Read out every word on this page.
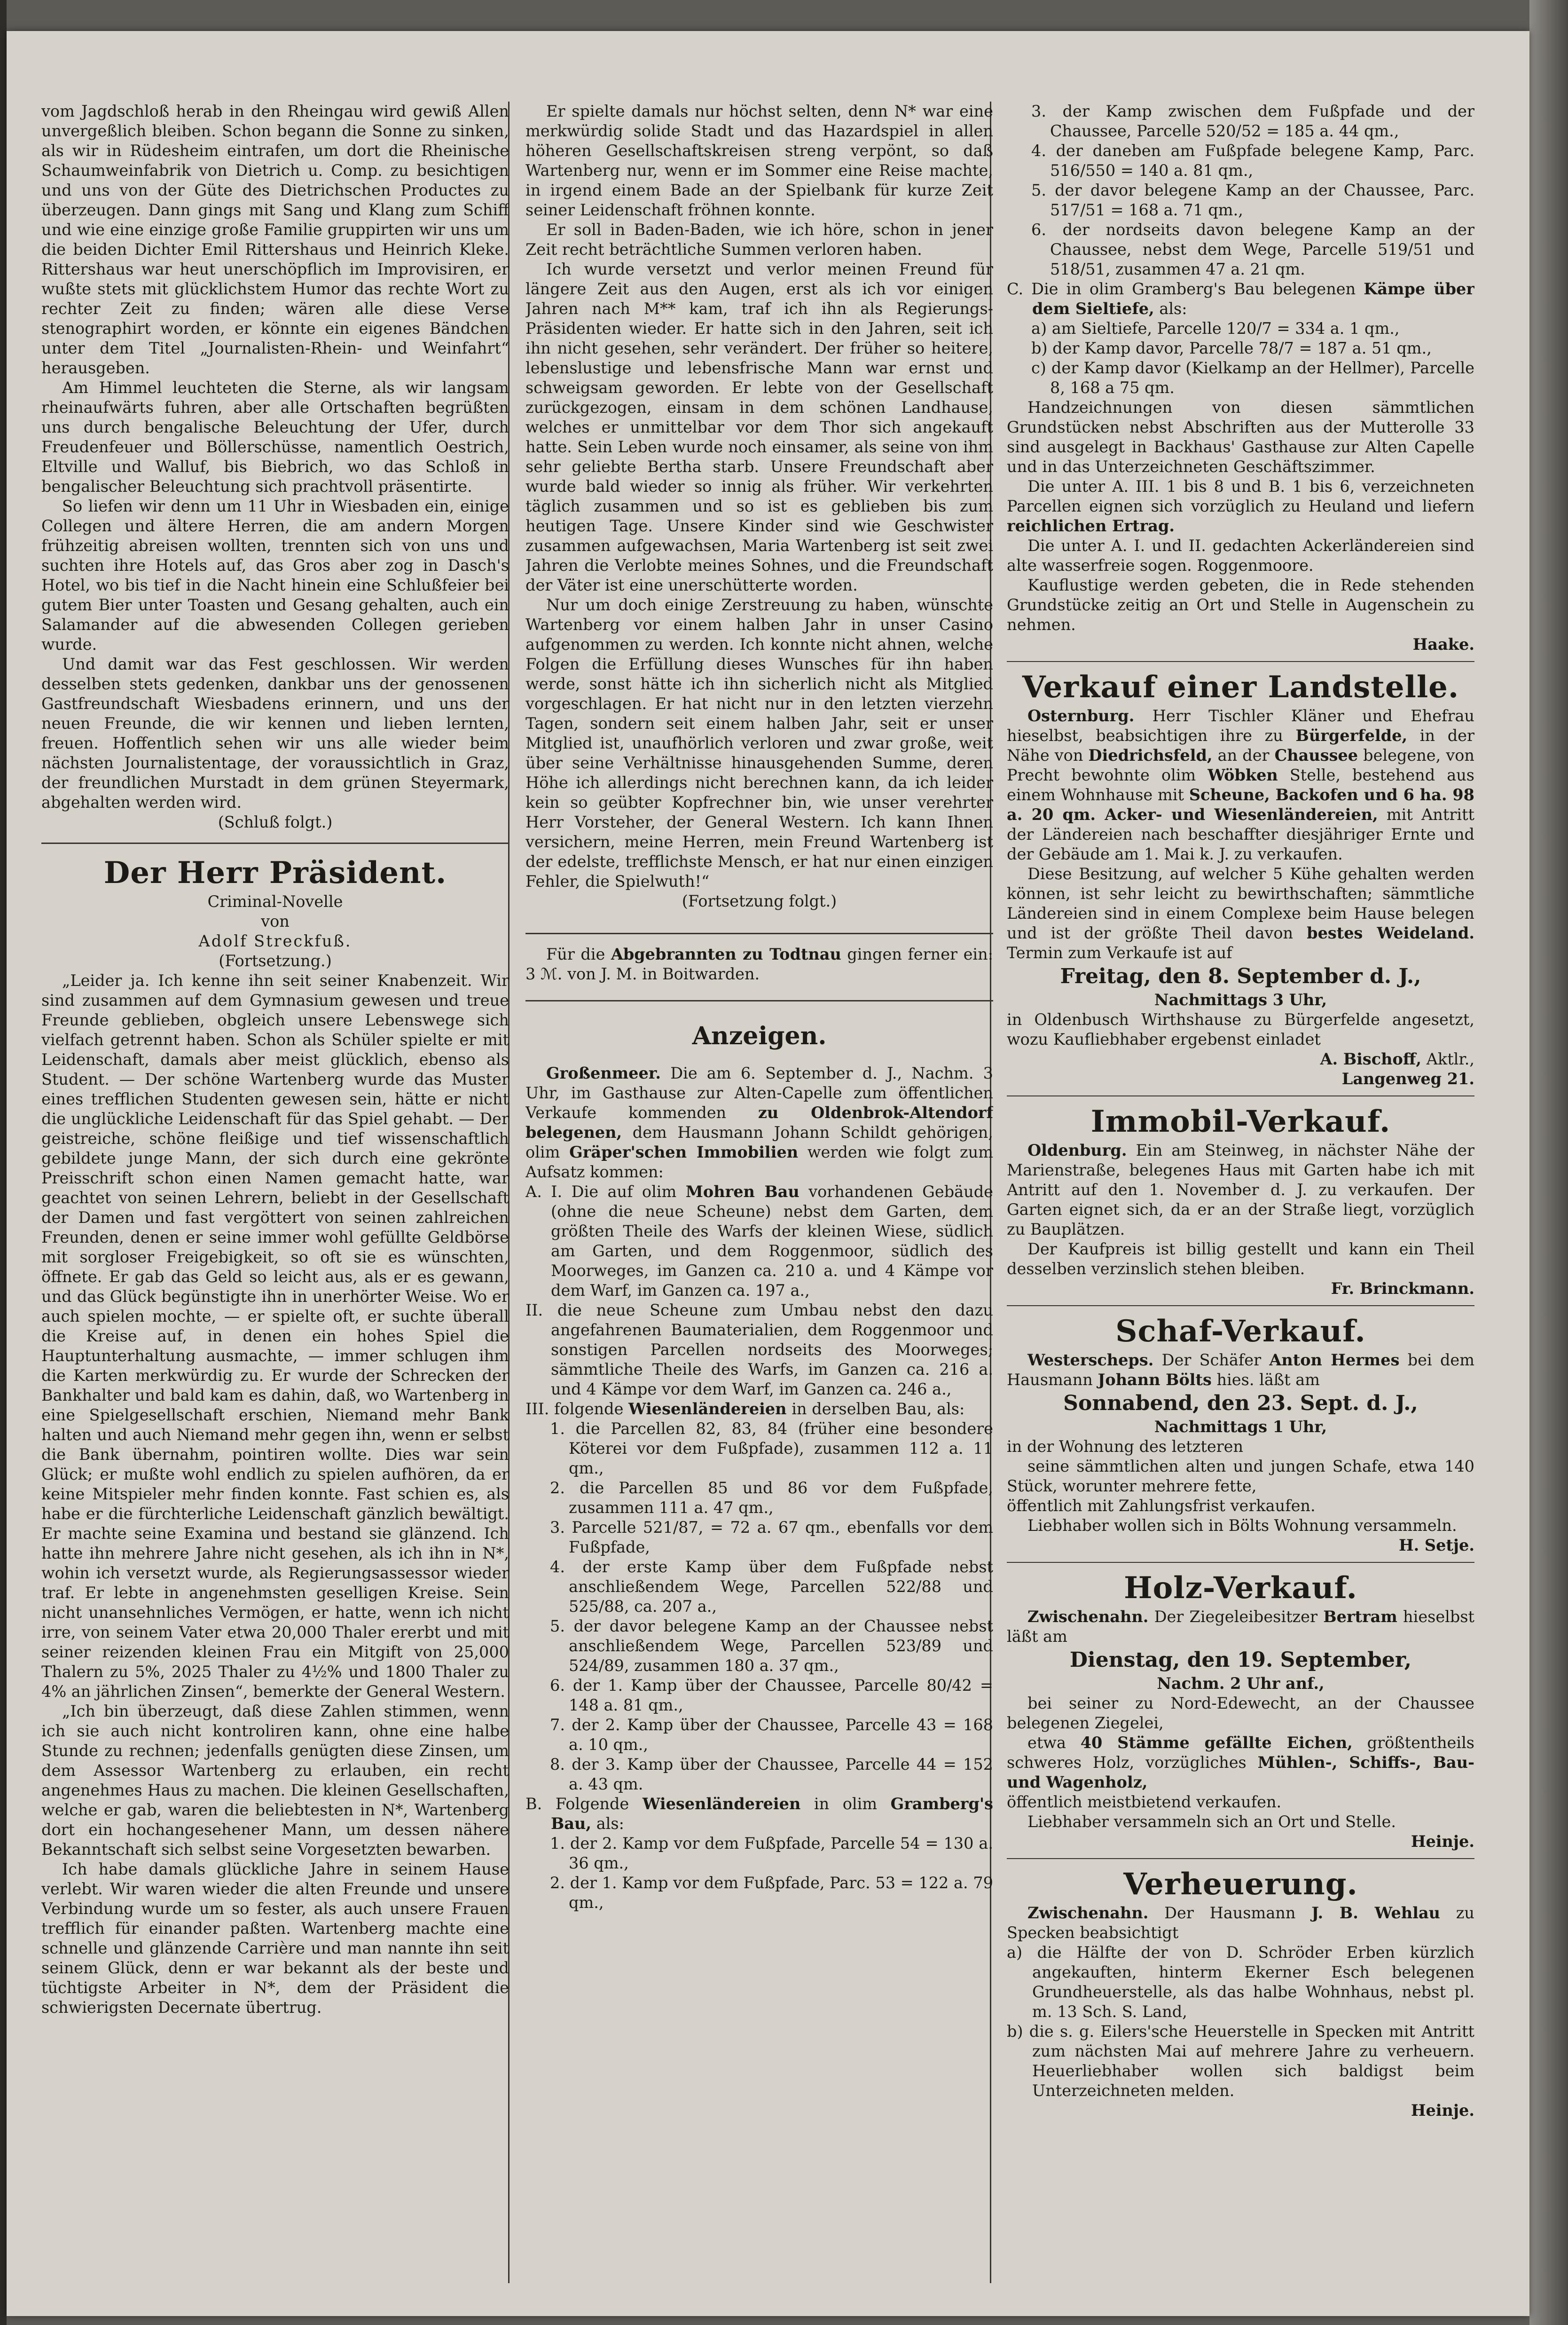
vom Jagdschloß herab in den Rheingau wird gewiß Allen unvergeßlich bleiben. Schon begann die Sonne zu sinken, als wir in Rüdesheim eintrafen, um dort die Rheinische Schaumweinfabrik von Dietrich u. Comp. zu besichtigen und uns von der Güte des Dietrichschen Productes zu überzeugen. Dann gings mit Sang und Klang zum Schiff und wie eine einzige große Familie gruppirten wir uns um die beiden Dichter Emil Rittershaus und Heinrich Kleke. Rittershaus war heut unerschöpflich im Improvisiren, er wußte stets mit glücklichstem Humor das rechte Wort zu rechter Zeit zu finden; wären alle diese Verse stenographirt worden, er könnte ein eigenes Bändchen unter dem Titel „Journalisten-Rhein- und Weinfahrt“ herausgeben.

Am Himmel leuchteten die Sterne, als wir langsam rheinaufwärts fuhren, aber alle Ortschaften begrüßten uns durch bengalische Beleuchtung der Ufer, durch Freudenfeuer und Böllerschüsse, namentlich Oestrich, Eltville und Walluf, bis Biebrich, wo das Schloß in bengalischer Beleuchtung sich prachtvoll präsentirte.

So liefen wir denn um 11 Uhr in Wiesbaden ein, einige Collegen und ältere Herren, die am andern Morgen frühzeitig abreisen wollten, trennten sich von uns und suchten ihre Hotels auf, das Gros aber zog in Dasch's Hotel, wo bis tief in die Nacht hinein eine Schlußfeier bei gutem Bier unter Toasten und Gesang gehalten, auch ein Salamander auf die abwesenden Collegen gerieben wurde.

Und damit war das Fest geschlossen. Wir werden desselben stets gedenken, dankbar uns der genossenen Gastfreundschaft Wiesbadens erinnern, und uns der neuen Freunde, die wir kennen und lieben lernten, freuen. Hoffentlich sehen wir uns alle wieder beim nächsten Journalistentage, der voraussichtlich in Graz, der freundlichen Murstadt in dem grünen Steyermark, abgehalten werden wird.

(Schluß folgt.)

Der Herr Präsident.

Criminal-Novelle

von

Adolf Streckfuß.

(Fortsetzung.)

„Leider ja. Ich kenne ihn seit seiner Knabenzeit. Wir sind zusammen auf dem Gymnasium gewesen und treue Freunde geblieben, obgleich unsere Lebenswege sich vielfach getrennt haben. Schon als Schüler spielte er mit Leidenschaft, damals aber meist glücklich, ebenso als Student. — Der schöne Wartenberg wurde das Muster eines trefflichen Studenten gewesen sein, hätte er nicht die unglückliche Leidenschaft für das Spiel gehabt. — Der geistreiche, schöne fleißige und tief wissenschaftlich gebildete junge Mann, der sich durch eine gekrönte Preisschrift schon einen Namen gemacht hatte, war geachtet von seinen Lehrern, beliebt in der Gesellschaft der Damen und fast vergöttert von seinen zahlreichen Freunden, denen er seine immer wohl gefüllte Geldbörse mit sorgloser Freigebigkeit, so oft sie es wünschten, öffnete. Er gab das Geld so leicht aus, als er es gewann, und das Glück begünstigte ihn in unerhörter Weise. Wo er auch spielen mochte, — er spielte oft, er suchte überall die Kreise auf, in denen ein hohes Spiel die Hauptunterhaltung ausmachte, — immer schlugen ihm die Karten merkwürdig zu. Er wurde der Schrecken der Bankhalter und bald kam es dahin, daß, wo Wartenberg in eine Spielgesellschaft erschien, Niemand mehr Bank halten und auch Niemand mehr gegen ihn, wenn er selbst die Bank übernahm, pointiren wollte. Dies war sein Glück; er mußte wohl endlich zu spielen aufhören, da er keine Mitspieler mehr finden konnte. Fast schien es, als habe er die fürchterliche Leidenschaft gänzlich bewältigt. Er machte seine Examina und bestand sie glänzend. Ich hatte ihn mehrere Jahre nicht gesehen, als ich ihn in N*, wohin ich versetzt wurde, als Regierungsassessor wieder traf. Er lebte in angenehmsten geselligen Kreise. Sein nicht unansehnliches Vermögen, er hatte, wenn ich nicht irre, von seinem Vater etwa 20,000 Thaler ererbt und mit seiner reizenden kleinen Frau ein Mitgift von 25,000 Thalern zu 5%, 2025 Thaler zu 4½% und 1800 Thaler zu 4% an jährlichen Zinsen“, bemerkte der General Western.

„Ich bin überzeugt, daß diese Zahlen stimmen, wenn ich sie auch nicht kontroliren kann, ohne eine halbe Stunde zu rechnen; jedenfalls genügten diese Zinsen, um dem Assessor Wartenberg zu erlauben, ein recht angenehmes Haus zu machen. Die kleinen Gesellschaften, welche er gab, waren die beliebtesten in N*, Wartenberg dort ein hochangesehener Mann, um dessen nähere Bekanntschaft sich selbst seine Vorgesetzten bewarben.

Ich habe damals glückliche Jahre in seinem Hause verlebt. Wir waren wieder die alten Freunde und unsere Verbindung wurde um so fester, als auch unsere Frauen trefflich für einander paßten. Wartenberg machte eine schnelle und glänzende Carrière und man nannte ihn seit seinem Glück, denn er war bekannt als der beste und tüchtigste Arbeiter in N*, dem der Präsident die schwierigsten Decernate übertrug.

Er spielte damals nur höchst selten, denn N* war eine merkwürdig solide Stadt und das Hazardspiel in allen höheren Gesellschaftskreisen streng verpönt, so daß Wartenberg nur, wenn er im Sommer eine Reise machte, in irgend einem Bade an der Spielbank für kurze Zeit seiner Leidenschaft fröhnen konnte.

Er soll in Baden-Baden, wie ich höre, schon in jener Zeit recht beträchtliche Summen verloren haben.

Ich wurde versetzt und verlor meinen Freund für längere Zeit aus den Augen, erst als ich vor einigen Jahren nach M** kam, traf ich ihn als Regierungs-Präsidenten wieder. Er hatte sich in den Jahren, seit ich ihn nicht gesehen, sehr verändert. Der früher so heitere, lebenslustige und lebensfrische Mann war ernst und schweigsam geworden. Er lebte von der Gesellschaft zurückgezogen, einsam in dem schönen Landhause, welches er unmittelbar vor dem Thor sich angekauft hatte. Sein Leben wurde noch einsamer, als seine von ihm sehr geliebte Bertha starb. Unsere Freundschaft aber wurde bald wieder so innig als früher. Wir verkehrten täglich zusammen und so ist es geblieben bis zum heutigen Tage. Unsere Kinder sind wie Geschwister zusammen aufgewachsen, Maria Wartenberg ist seit zwei Jahren die Verlobte meines Sohnes, und die Freundschaft der Väter ist eine unerschütterte worden.

Nur um doch einige Zerstreuung zu haben, wünschte Wartenberg vor einem halben Jahr in unser Casino aufgenommen zu werden. Ich konnte nicht ahnen, welche Folgen die Erfüllung dieses Wunsches für ihn haben werde, sonst hätte ich ihn sicherlich nicht als Mitglied vorgeschlagen. Er hat nicht nur in den letzten vierzehn Tagen, sondern seit einem halben Jahr, seit er unser Mitglied ist, unaufhörlich verloren und zwar große, weit über seine Verhältnisse hinausgehenden Summe, deren Höhe ich allerdings nicht berechnen kann, da ich leider kein so geübter Kopfrechner bin, wie unser verehrter Herr Vorsteher, der General Western. Ich kann Ihnen versichern, meine Herren, mein Freund Wartenberg ist der edelste, trefflichste Mensch, er hat nur einen einzigen Fehler, die Spielwuth!“

(Fortsetzung folgt.)

Für die Abgebrannten zu Todtnau gingen ferner ein: 3 ℳ. von J. M. in Boitwarden.

Anzeigen.

Großenmeer. Die am 6. September d. J., Nachm. 3 Uhr, im Gasthause zur Alten-Capelle zum öffentlichen Verkaufe kommenden zu Oldenbrok-Altendorf belegenen, dem Hausmann Johann Schildt gehörigen, olim Gräper'schen Immobilien werden wie folgt zum Aufsatz kommen:

A. I. Die auf olim Mohren Bau vorhandenen Gebäude (ohne die neue Scheune) nebst dem Garten, dem größten Theile des Warfs der kleinen Wiese, südlich am Garten, und dem Roggenmoor, südlich des Moorweges, im Ganzen ca. 210 a. und 4 Kämpe vor dem Warf, im Ganzen ca. 197 a.,

II. die neue Scheune zum Umbau nebst den dazu angefahrenen Baumaterialien, dem Roggenmoor und sonstigen Parcellen nordseits des Moorweges; sämmtliche Theile des Warfs, im Ganzen ca. 216 a. und 4 Kämpe vor dem Warf, im Ganzen ca. 246 a.,

III. folgende Wiesenländereien in derselben Bau, als:

1. die Parcellen 82, 83, 84 (früher eine besondere Köterei vor dem Fußpfade), zusammen 112 a. 11 qm.,

2. die Parcellen 85 und 86 vor dem Fußpfade, zusammen 111 a. 47 qm.,

3. Parcelle 521/87, = 72 a. 67 qm., ebenfalls vor dem Fußpfade,

4. der erste Kamp über dem Fußpfade nebst anschließendem Wege, Parcellen 522/88 und 525/88, ca. 207 a.,

5. der davor belegene Kamp an der Chaussee nebst anschließendem Wege, Parcellen 523/89 und 524/89, zusammen 180 a. 37 qm.,

6. der 1. Kamp über der Chaussee, Parcelle 80/42 = 148 a. 81 qm.,

7. der 2. Kamp über der Chaussee, Parcelle 43 = 168 a. 10 qm.,

8. der 3. Kamp über der Chaussee, Parcelle 44 = 152 a. 43 qm.

B. Folgende Wiesenländereien in olim Gramberg's Bau, als:

1. der 2. Kamp vor dem Fußpfade, Parcelle 54 = 130 a. 36 qm.,

2. der 1. Kamp vor dem Fußpfade, Parc. 53 = 122 a. 79 qm.,

3. der Kamp zwischen dem Fußpfade und der Chaussee, Parcelle 520/52 = 185 a. 44 qm.,

4. der daneben am Fußpfade belegene Kamp, Parc. 516/550 = 140 a. 81 qm.,

5. der davor belegene Kamp an der Chaussee, Parc. 517/51 = 168 a. 71 qm.,

6. der nordseits davon belegene Kamp an der Chaussee, nebst dem Wege, Parcelle 519/51 und 518/51, zusammen 47 a. 21 qm.

C. Die in olim Gramberg's Bau belegenen Kämpe über dem Sieltiefe, als:

a) am Sieltiefe, Parcelle 120/7 = 334 a. 1 qm.,

b) der Kamp davor, Parcelle 78/7 = 187 a. 51 qm.,

c) der Kamp davor (Kielkamp an der Hellmer), Parcelle 8, 168 a 75 qm.

Handzeichnungen von diesen sämmtlichen Grundstücken nebst Abschriften aus der Mutterolle 33 sind ausgelegt in Backhaus' Gasthause zur Alten Capelle und in das Unterzeichneten Geschäftszimmer.

Die unter A. III. 1 bis 8 und B. 1 bis 6, verzeichneten Parcellen eignen sich vorzüglich zu Heuland und liefern reichlichen Ertrag.

Die unter A. I. und II. gedachten Ackerländereien sind alte wasserfreie sogen. Roggenmoore.

Kauflustige werden gebeten, die in Rede stehenden Grundstücke zeitig an Ort und Stelle in Augenschein zu nehmen.

Haake.

Verkauf einer Landstelle.

Osternburg. Herr Tischler Kläner und Ehefrau hieselbst, beabsichtigen ihre zu Bürgerfelde, in der Nähe von Diedrichsfeld, an der Chaussee belegene, von Precht bewohnte olim Wöbken Stelle, bestehend aus einem Wohnhause mit Scheune, Backofen und 6 ha. 98 a. 20 qm. Acker- und Wiesenländereien, mit Antritt der Ländereien nach beschaffter diesjähriger Ernte und der Gebäude am 1. Mai k. J. zu verkaufen.

Diese Besitzung, auf welcher 5 Kühe gehalten werden können, ist sehr leicht zu bewirthschaften; sämmtliche Ländereien sind in einem Complexe beim Hause belegen und ist der größte Theil davon bestes Weideland. Termin zum Verkaufe ist auf

Freitag, den 8. September d. J.,

Nachmittags 3 Uhr,

in Oldenbusch Wirthshause zu Bürgerfelde angesetzt, wozu Kaufliebhaber ergebenst einladet

A. Bischoff, Aktlr.,

Langenweg 21.

Immobil-Verkauf.

Oldenburg. Ein am Steinweg, in nächster Nähe der Marienstraße, belegenes Haus mit Garten habe ich mit Antritt auf den 1. November d. J. zu verkaufen. Der Garten eignet sich, da er an der Straße liegt, vorzüglich zu Bauplätzen.

Der Kaufpreis ist billig gestellt und kann ein Theil desselben verzinslich stehen bleiben.

Fr. Brinckmann.

Schaf-Verkauf.

Westerscheps. Der Schäfer Anton Hermes bei dem Hausmann Johann Bölts hies. läßt am

Sonnabend, den 23. Sept. d. J.,

Nachmittags 1 Uhr,

in der Wohnung des letzteren

seine sämmtlichen alten und jungen Schafe, etwa 140 Stück, worunter mehrere fette,

öffentlich mit Zahlungsfrist verkaufen.

Liebhaber wollen sich in Bölts Wohnung versammeln.

H. Setje.

Holz-Verkauf.

Zwischenahn. Der Ziegeleibesitzer Bertram hieselbst läßt am

Dienstag, den 19. September,

Nachm. 2 Uhr anf.,

bei seiner zu Nord-Edewecht, an der Chaussee belegenen Ziegelei,

etwa 40 Stämme gefällte Eichen, größtentheils schweres Holz, vorzügliches Mühlen-, Schiffs-, Bau- und Wagenholz,

öffentlich meistbietend verkaufen.

Liebhaber versammeln sich an Ort und Stelle.

Heinje.

Verheuerung.

Zwischenahn. Der Hausmann J. B. Wehlau zu Specken beabsichtigt

a) die Hälfte der von D. Schröder Erben kürzlich angekauften, hinterm Ekerner Esch belegenen Grundheuerstelle, als das halbe Wohnhaus, nebst pl. m. 13 Sch. S. Land,

b) die s. g. Eilers'sche Heuerstelle in Specken mit Antritt zum nächsten Mai auf mehrere Jahre zu verheuern. Heuerliebhaber wollen sich baldigst beim Unterzeichneten melden.

Heinje.
